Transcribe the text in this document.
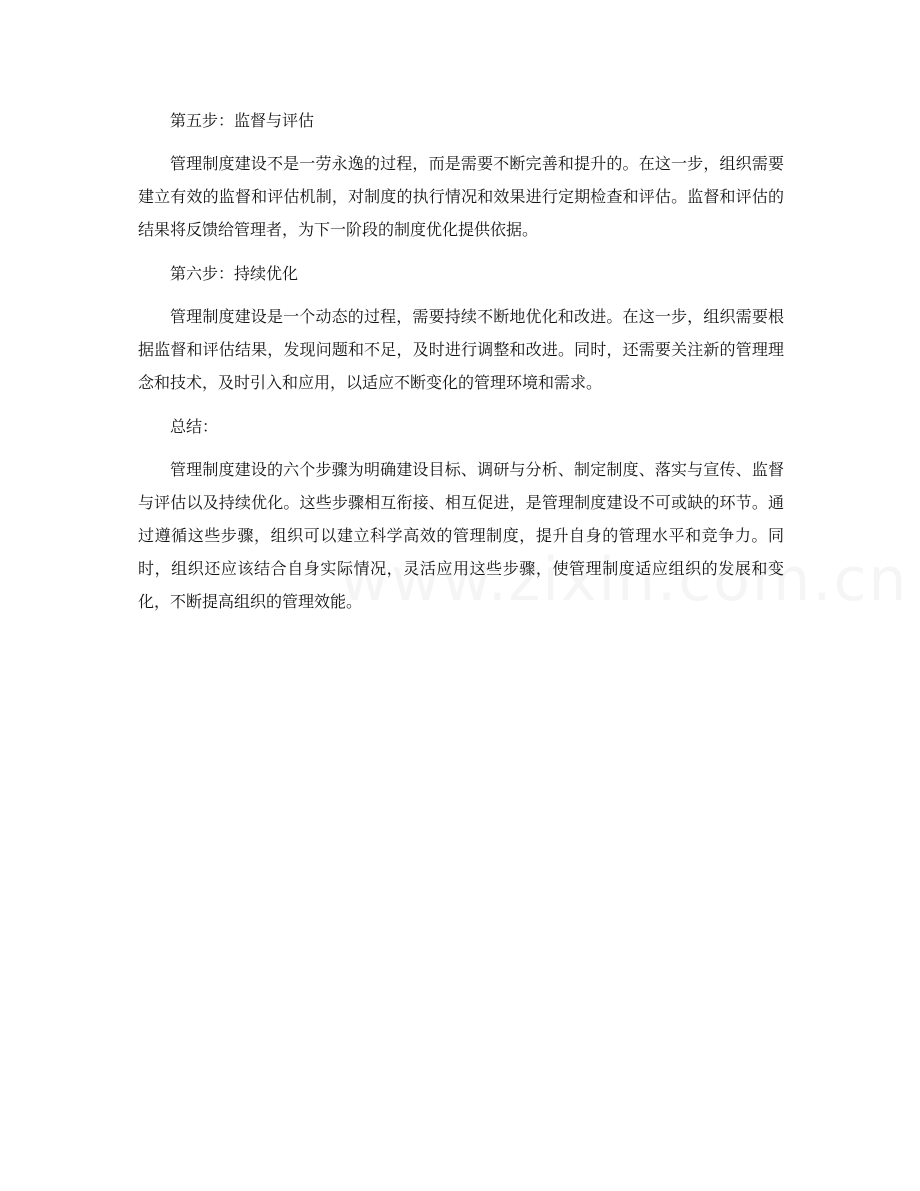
第五步：监督与评估
管理制度建设不是一劳永逸的过程，而是需要不断完善和提升的。在这一步，组织需要建立有效的监督和评估机制，对制度的执行情况和效果进行定期检查和评估。监督和评估的结果将反馈给管理者，为下一阶段的制度优化提供依据。
第六步：持续优化
管理制度建设是一个动态的过程，需要持续不断地优化和改进。在这一步，组织需要根据监督和评估结果，发现问题和不足，及时进行调整和改进。同时，还需要关注新的管理理念和技术，及时引入和应用，以适应不断变化的管理环境和需求。
总结：
管理制度建设的六个步骤为明确建设目标、调研与分析、制定制度、落实与宣传、监督与评估以及持续优化。这些步骤相互衔接、相互促进，是管理制度建设不可或缺的环节。通过遵循这些步骤，组织可以建立科学高效的管理制度，提升自身的管理水平和竞争力。同时，组织还应该结合自身实际情况，灵活应用这些步骤，使管理制度适应组织的发展和变化，不断提高组织的管理效能。
